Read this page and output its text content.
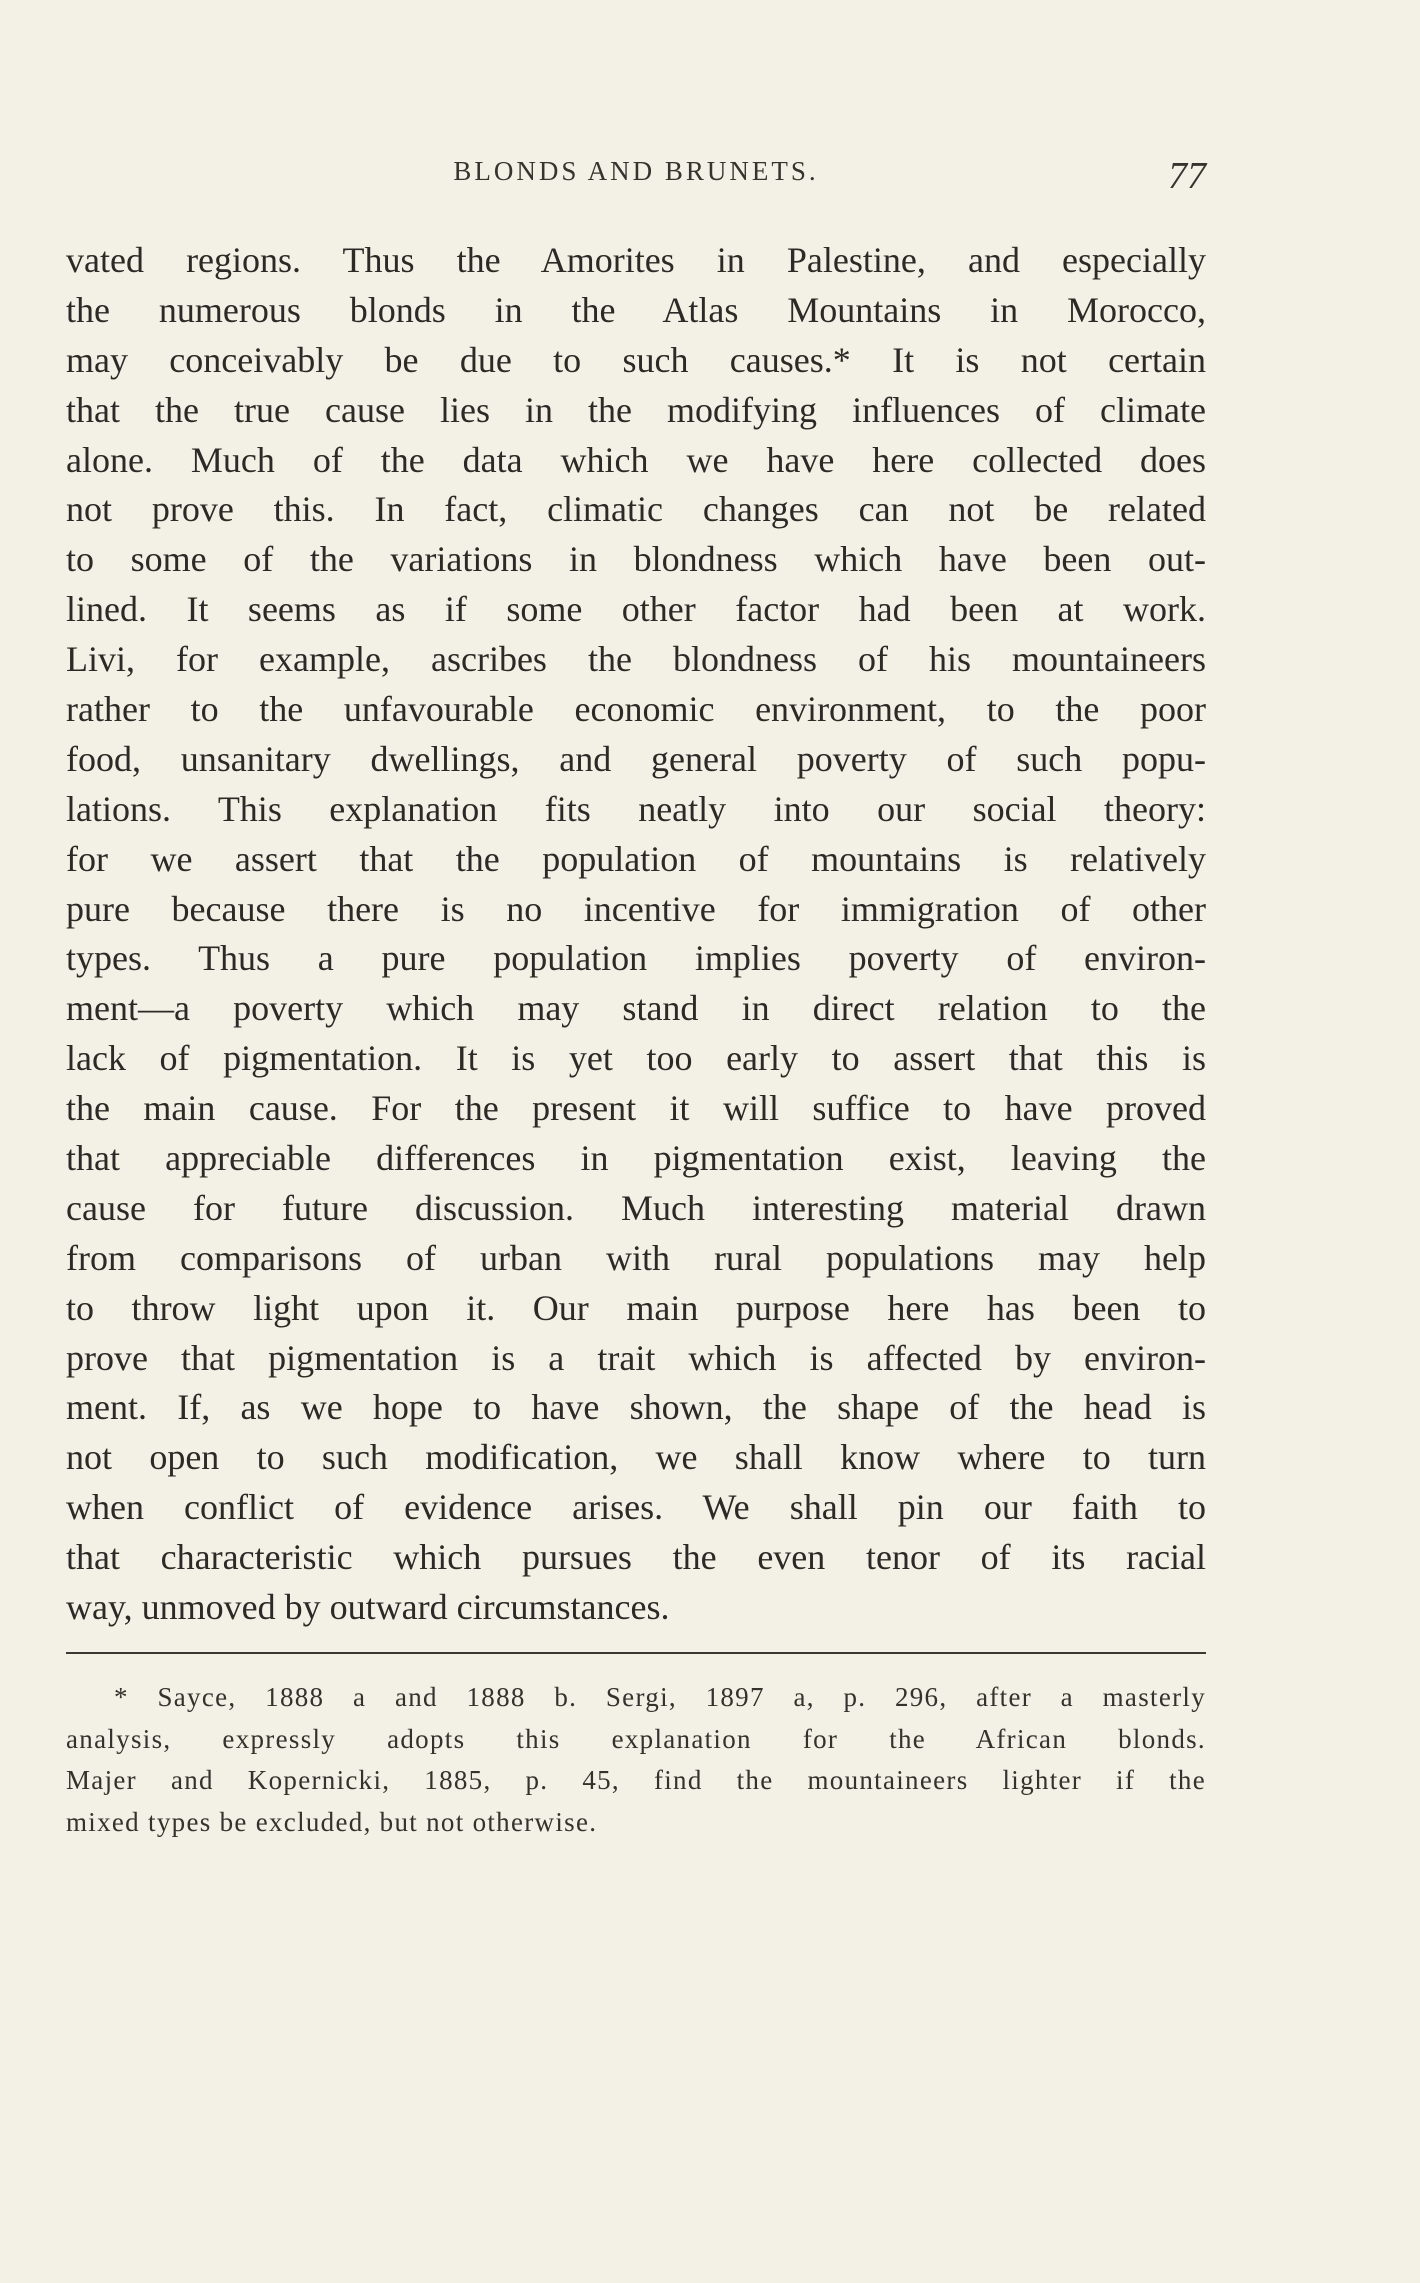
BLONDS AND BRUNETS.	77
vated regions. Thus the Amorites in Palestine, and especially
the numerous blonds in the Atlas Mountains in Morocco,
may conceivably be due to such causes.* It is not certain
that the true cause lies in the modifying influences of climate
alone. Much of the data which we have here collected does
not prove this. In fact, climatic changes can not be related
to some of the variations in blondness which have been out-
lined. It seems as if some other factor had been at work.
Livi, for example, ascribes the blondness of his mountaineers
rather to the unfavourable economic environment, to the poor
food, unsanitary dwellings, and general poverty of such popu-
lations. This explanation fits neatly into our social theory:
for we assert that the population of mountains is relatively
pure because there is no incentive for immigration of other
types. Thus a pure population implies poverty of environ-
ment—a poverty which may stand in direct relation to the
lack of pigmentation. It is yet too early to assert that this is
the main cause. For the present it will suffice to have proved
that appreciable differences in pigmentation exist, leaving the
cause for future discussion. Much interesting material drawn
from comparisons of urban with rural populations may help
to throw light upon it. Our main purpose here has been to
prove that pigmentation is a trait which is affected by environ-
ment. If, as we hope to have shown, the shape of the head is
not open to such modification, we shall know where to turn
when conflict of evidence arises. We shall pin our faith to
that characteristic which pursues the even tenor of its racial
way, unmoved by outward circumstances.
* Sayce, 1888 a and 1888 b. Sergi, 1897 a, p. 296, after a masterly
analysis, expressly adopts this explanation for the African blonds.
Majer and Kopernicki, 1885, p. 45, find the mountaineers lighter if the
mixed types be excluded, but not otherwise.
